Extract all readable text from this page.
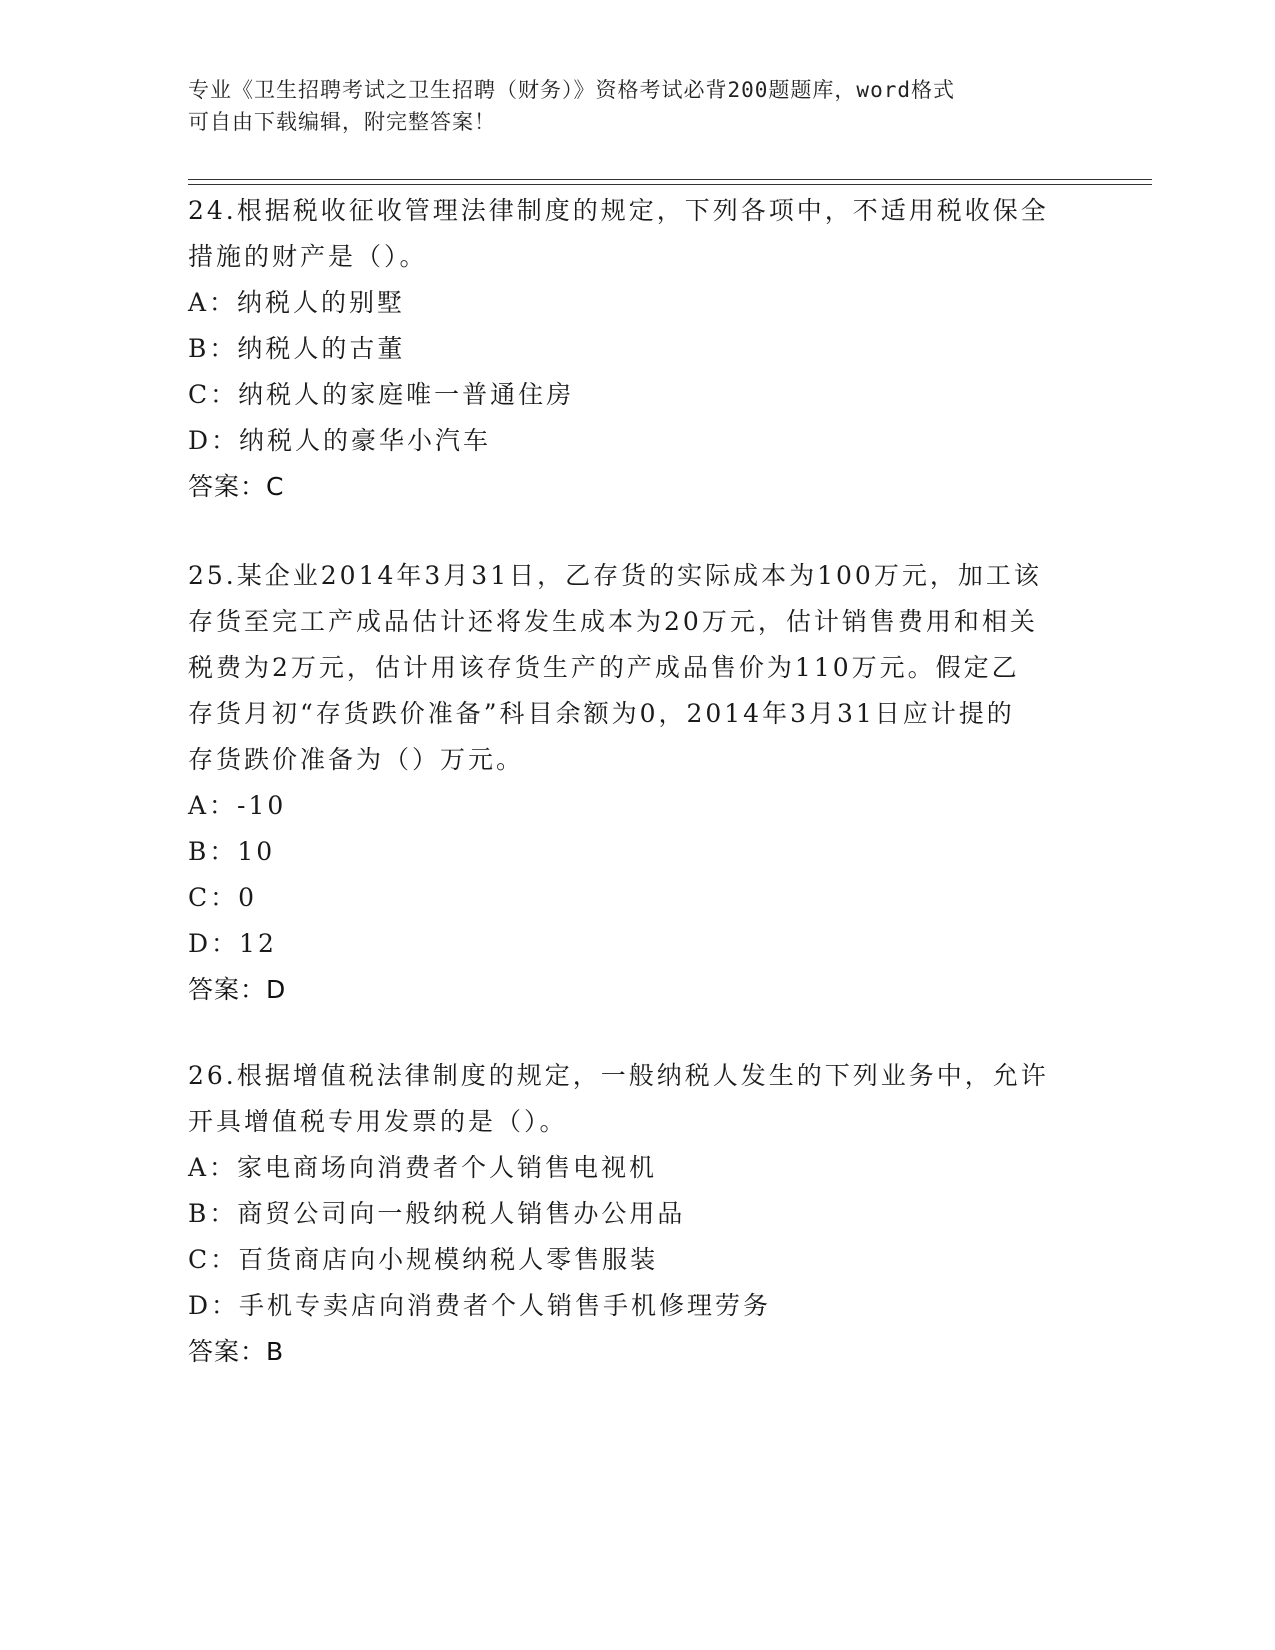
专业《卫生招聘考试之卫生招聘（财务）》资格考试必背200题题库，word格式
可自由下载编辑，附完整答案！
24.根据税收征收管理法律制度的规定，下列各项中，不适用税收保全
措施的财产是（）。
A：纳税人的别墅
B：纳税人的古董
C：纳税人的家庭唯一普通住房
D：纳税人的豪华小汽车
答案：C
25.某企业2014年3月31日，乙存货的实际成本为100万元，加工该
存货至完工产成品估计还将发生成本为20万元，估计销售费用和相关
税费为2万元，估计用该存货生产的产成品售价为110万元。假定乙
存货月初“存货跌价准备”科目余额为0，2014年3月31日应计提的
存货跌价准备为（）万元。
A：-10
B：10
C：0
D：12
答案：D
26.根据增值税法律制度的规定，一般纳税人发生的下列业务中，允许
开具增值税专用发票的是（）。
A：家电商场向消费者个人销售电视机
B：商贸公司向一般纳税人销售办公用品
C：百货商店向小规模纳税人零售服装
D：手机专卖店向消费者个人销售手机修理劳务
答案：B
